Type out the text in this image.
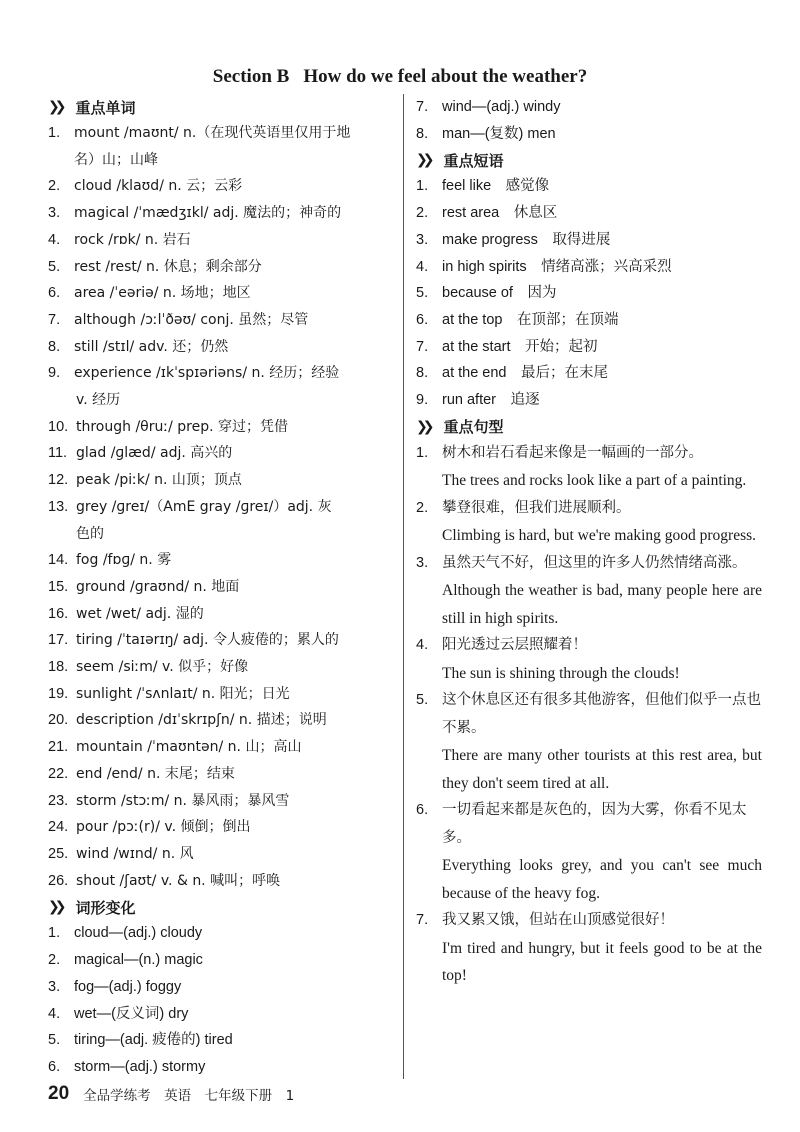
Section B How do we feel about the weather?
❯❯ 重点单词
1. mount /maʊnt/ n.（在现代英语里仅用于地
名）山；山峰
2. cloud /klaʊd/ n. 云；云彩
3. magical /ˈmædʒɪkl/ adj. 魔法的；神奇的
4. rock /rɒk/ n. 岩石
5. rest /rest/ n. 休息；剩余部分
6. area /ˈeəriə/ n. 场地；地区
7. although /ɔːlˈðəʊ/ conj. 虽然；尽管
8. still /stɪl/ adv. 还；仍然
9. experience /ɪkˈspɪəriəns/ n. 经历；经验
v. 经历
10. through /θruː/ prep. 穿过；凭借
11. glad /ɡlæd/ adj. 高兴的
12. peak /piːk/ n. 山顶；顶点
13. grey /ɡreɪ/（AmE gray /ɡreɪ/）adj. 灰
色的
14. fog /fɒɡ/ n. 雾
15. ground /ɡraʊnd/ n. 地面
16. wet /wet/ adj. 湿的
17. tiring /ˈtaɪərɪŋ/ adj. 令人疲倦的；累人的
18. seem /siːm/ v. 似乎；好像
19. sunlight /ˈsʌnlaɪt/ n. 阳光；日光
20. description /dɪˈskrɪpʃn/ n. 描述；说明
21. mountain /ˈmaʊntən/ n. 山；高山
22. end /end/ n. 末尾；结束
23. storm /stɔːm/ n. 暴风雨；暴风雪
24. pour /pɔː(r)/ v. 倾倒；倒出
25. wind /wɪnd/ n. 风
26. shout /ʃaʊt/ v. & n. 喊叫；呼唤
❯❯ 词形变化
1. cloud—(adj.) cloudy
2. magical—(n.) magic
3. fog—(adj.) foggy
4. wet—(反义词) dry
5. tiring—(adj. 疲倦的) tired
6. storm—(adj.) stormy
7. wind—(adj.) windy
8. man—(复数) men
❯❯ 重点短语
1. feel like　感觉像
2. rest area　休息区
3. make progress　取得进展
4. in high spirits　情绪高涨；兴高采烈
5. because of　因为
6. at the top　在顶部；在顶端
7. at the start　开始；起初
8. at the end　最后；在末尾
9. run after　追逐
❯❯ 重点句型
1. 树木和岩石看起来像是一幅画的一部分。
The trees and rocks look like a part of a painting.
2. 攀登很难，但我们进展顺利。
Climbing is hard, but we're making good progress.
3. 虽然天气不好，但这里的许多人仍然情绪高涨。
Although the weather is bad, many people here are still in high spirits.
4. 阳光透过云层照耀着！
The sun is shining through the clouds!
5. 这个休息区还有很多其他游客，但他们似乎一点也不累。
There are many other tourists at this rest area, but they don't seem tired at all.
6. 一切看起来都是灰色的，因为大雾，你看不见太多。
Everything looks grey, and you can't see much because of the heavy fog.
7. 我又累又饿，但站在山顶感觉很好！
I'm tired and hungry, but it feels good to be at the top!
20 全品学练考　英语　七年级下册　1
